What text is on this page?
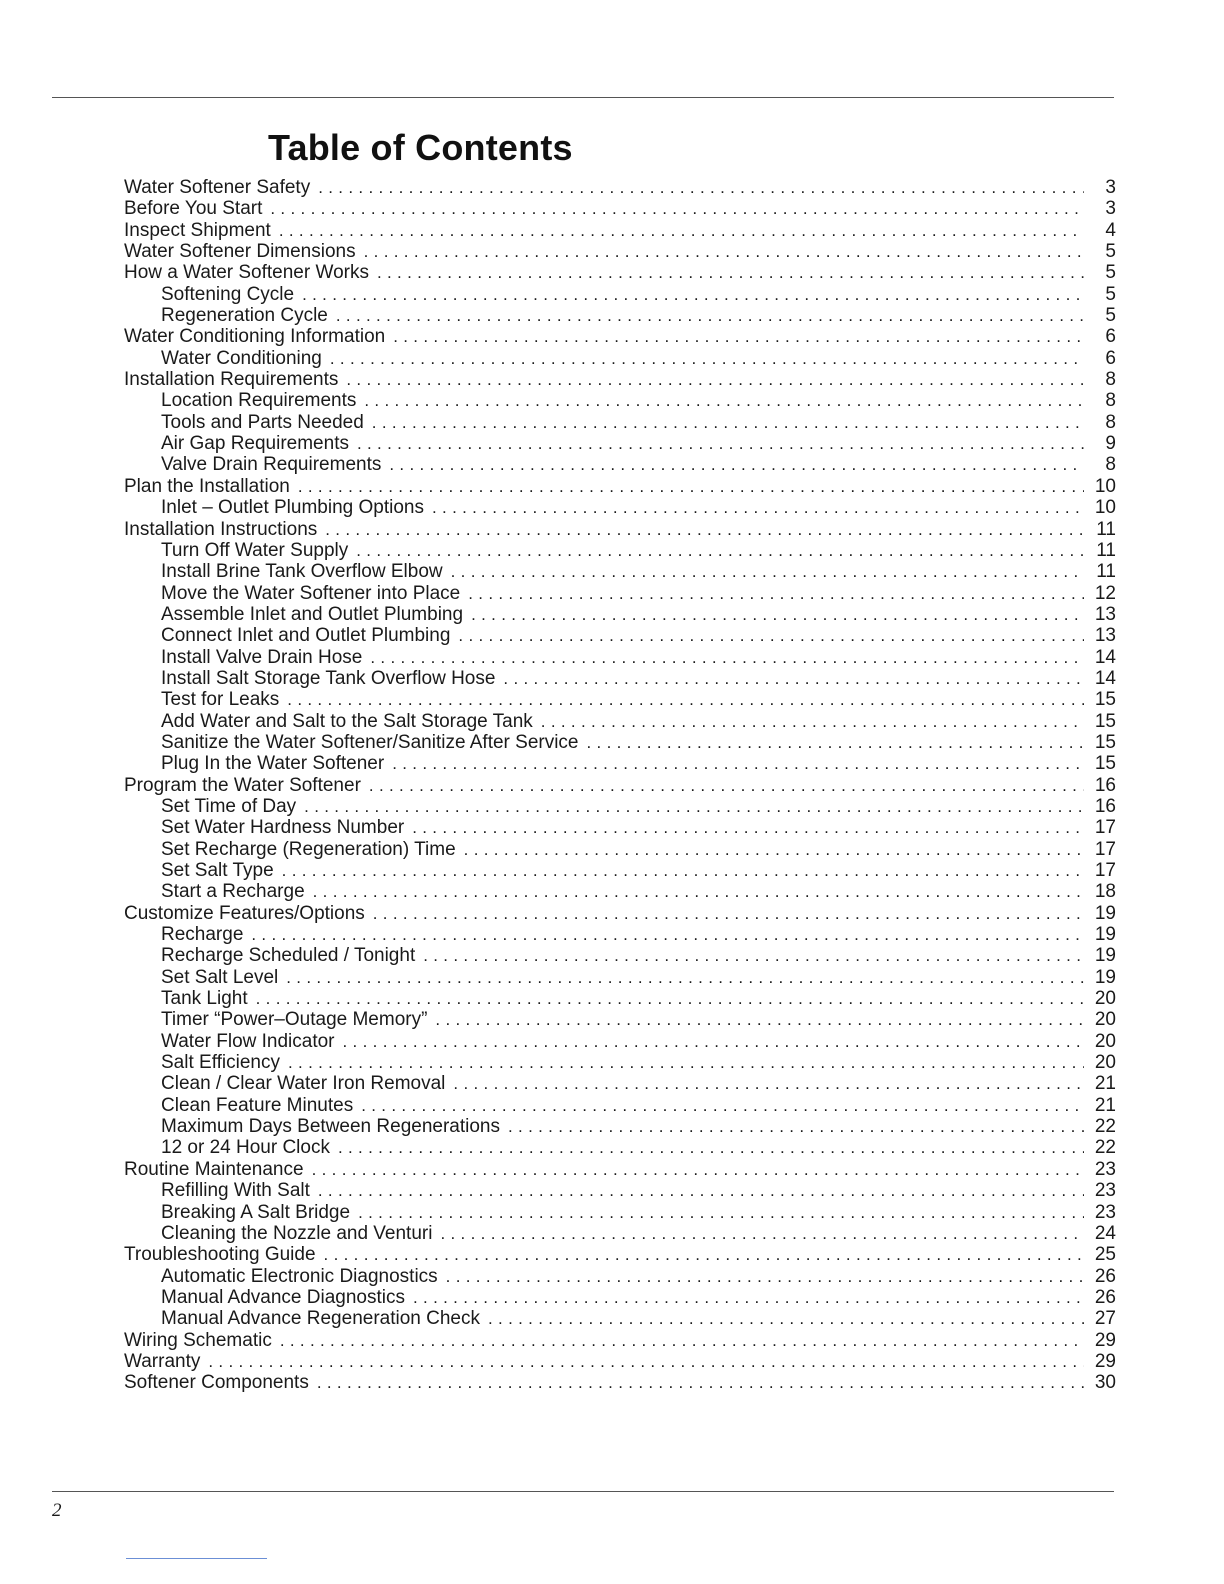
Table of Contents
Water Softener Safety . . .	3
Before You Start . . .	3
Inspect Shipment . . .	4
Water Softener Dimensions . . .	5
How a Water Softener Works . . .	5
Softening Cycle . . .	5
Regeneration Cycle . . .	5
Water Conditioning Information . . .	6
Water Conditioning . . .	6
Installation Requirements . . .	8
Location Requirements . . .	8
Tools and Parts Needed . . .	8
Air Gap Requirements . . .	9
Valve Drain Requirements . . .	8
Plan the Installation . . .	10
Inlet – Outlet Plumbing Options . . .	10
Installation Instructions . . .	11
Turn Off Water Supply . . .	11
Install Brine Tank Overflow Elbow . . .	11
Move the Water Softener into Place . . .	12
Assemble Inlet and Outlet Plumbing . . .	13
Connect Inlet and Outlet Plumbing . . .	13
Install Valve Drain Hose . . .	14
Install Salt Storage Tank Overflow Hose . . .	14
Test for Leaks . . .	15
Add Water and Salt to the Salt Storage Tank . . .	15
Sanitize the Water Softener/Sanitize After Service . . .	15
Plug In the Water Softener . . .	15
Program the Water Softener . . .	16
Set Time of Day . . .	16
Set Water Hardness Number . . .	17
Set Recharge (Regeneration) Time . . .	17
Set Salt Type . . .	17
Start a Recharge . . .	18
Customize Features/Options . . .	19
Recharge . . .	19
Recharge Scheduled / Tonight . . .	19
Set Salt Level . . .	19
Tank Light . . .	20
Timer “Power–Outage Memory” . . .	20
Water Flow Indicator . . .	20
Salt Efficiency . . .	20
Clean / Clear Water Iron Removal . . .	21
Clean Feature Minutes . . .	21
Maximum Days Between Regenerations . . .	22
12 or 24 Hour Clock . . .	22
Routine Maintenance . . .	23
Refilling With Salt . . .	23
Breaking A Salt Bridge . . .	23
Cleaning the Nozzle and Venturi . . .	24
Troubleshooting Guide . . .	25
Automatic Electronic Diagnostics . . .	26
Manual Advance Diagnostics . . .	26
Manual Advance Regeneration Check . . .	27
Wiring Schematic . . .	29
Warranty . . .	29
Softener Components . . .	30

2
